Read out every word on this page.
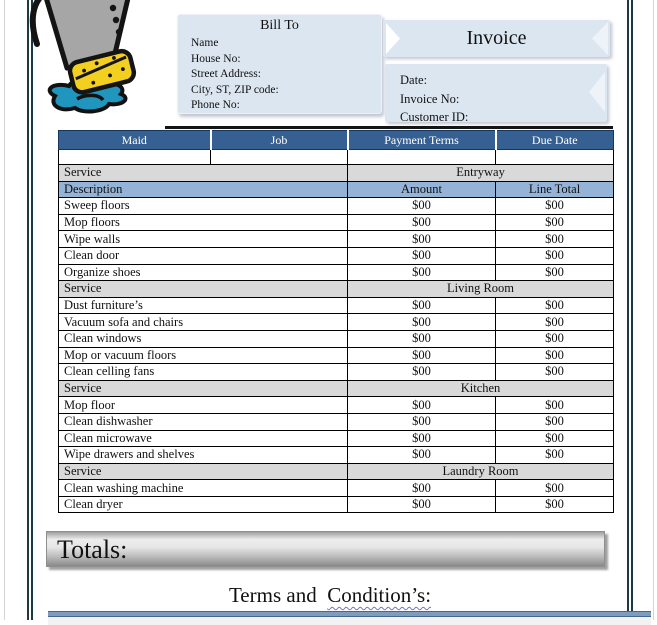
Bill To
Name
House No:
Street Address:
City, ST, ZIP code:
Phone No:
Invoice
Date:
Invoice No:
Customer ID:
Maid	Job	Payment Terms	Due Date

Service	Entryway	
Description	Amount	Line Total
Sweep floors	$00	$00
Mop floors	$00	$00
Wipe walls	$00	$00
Clean door	$00	$00
Organize shoes	$00	$00
Service	Living Room	
Dust furniture’s	$00	$00
Vacuum sofa and chairs	$00	$00
Clean windows	$00	$00
Mop or vacuum floors	$00	$00
Clean celling fans	$00	$00
Service	Kitchen	
Mop floor	$00	$00
Clean dishwasher	$00	$00
Clean microwave	$00	$00
Wipe drawers and shelves	$00	$00
Service	Laundry Room	
Clean washing machine	$00	$00
Clean dryer	$00	$00
Totals:
Terms and Condition’s:
